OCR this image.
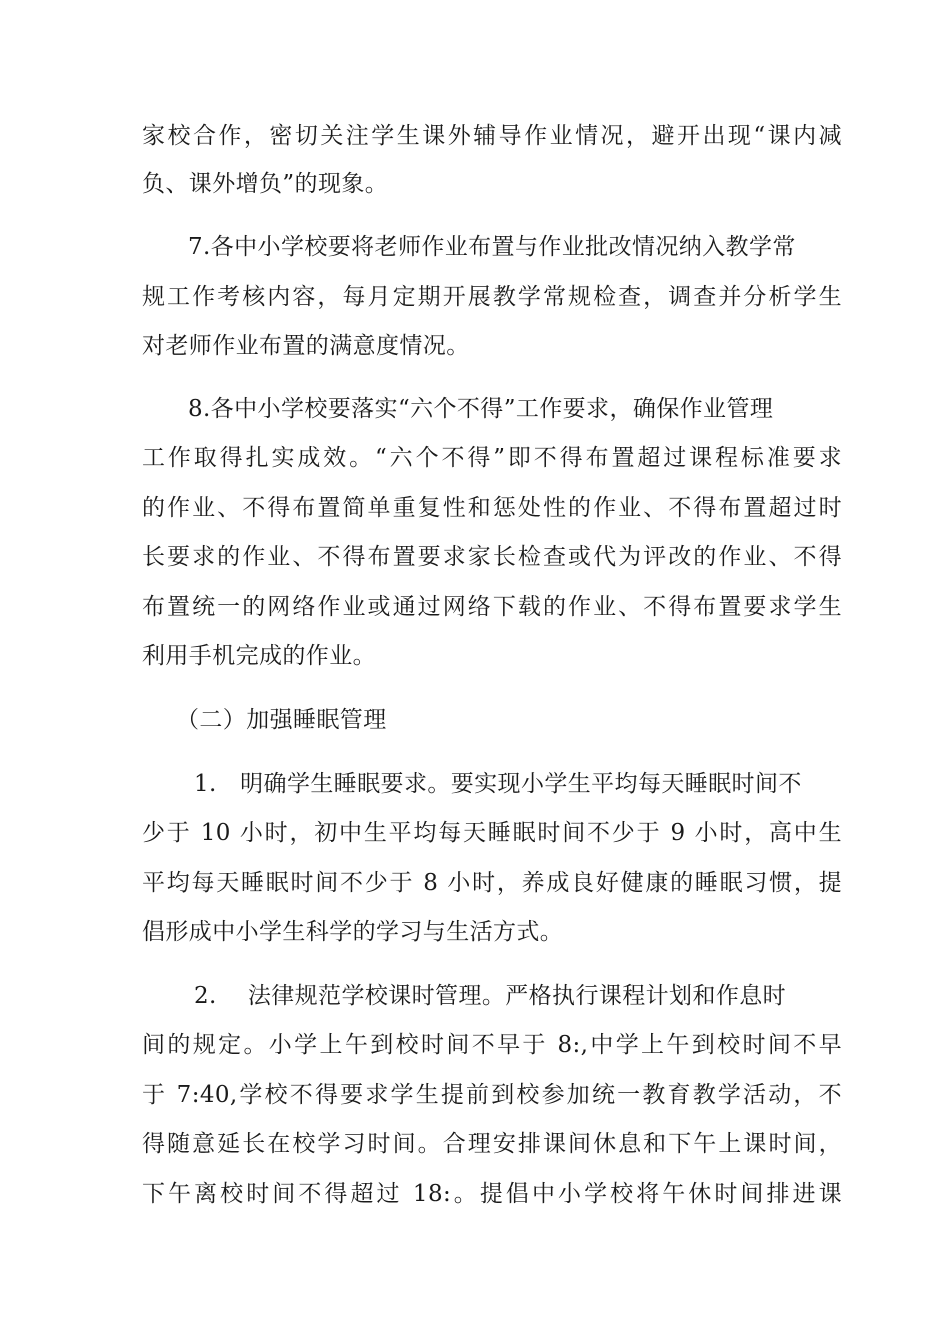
家校合作，密切关注学生课外辅导作业情况，避开出现“课内减
负、课外增负”的现象。
7.各中小学校要将老师作业布置与作业批改情况纳入教学常
规工作考核内容，每月定期开展教学常规检查，调查并分析学生
对老师作业布置的满意度情况。
8.各中小学校要落实“六个不得”工作要求，确保作业管理
工作取得扎实成效。“六个不得”即不得布置超过课程标准要求
的作业、不得布置简单重复性和惩处性的作业、不得布置超过时
长要求的作业、不得布置要求家长检查或代为评改的作业、不得
布置统一的网络作业或通过网络下载的作业、不得布置要求学生
利用手机完成的作业。
（二）加强睡眠管理
1.　明确学生睡眠要求。要实现小学生平均每天睡眠时间不
少于 10 小时，初中生平均每天睡眠时间不少于 9 小时，高中生
平均每天睡眠时间不少于 8 小时，养成良好健康的睡眠习惯，提
倡形成中小学生科学的学习与生活方式。
2.　 法律规范学校课时管理。严格执行课程计划和作息时
间的规定。小学上午到校时间不早于 8:,中学上午到校时间不早
于 7:40,学校不得要求学生提前到校参加统一教育教学活动，不
得随意延长在校学习时间。合理安排课间休息和下午上课时间，
下午离校时间不得超过 18:。提倡中小学校将午休时间排进课
